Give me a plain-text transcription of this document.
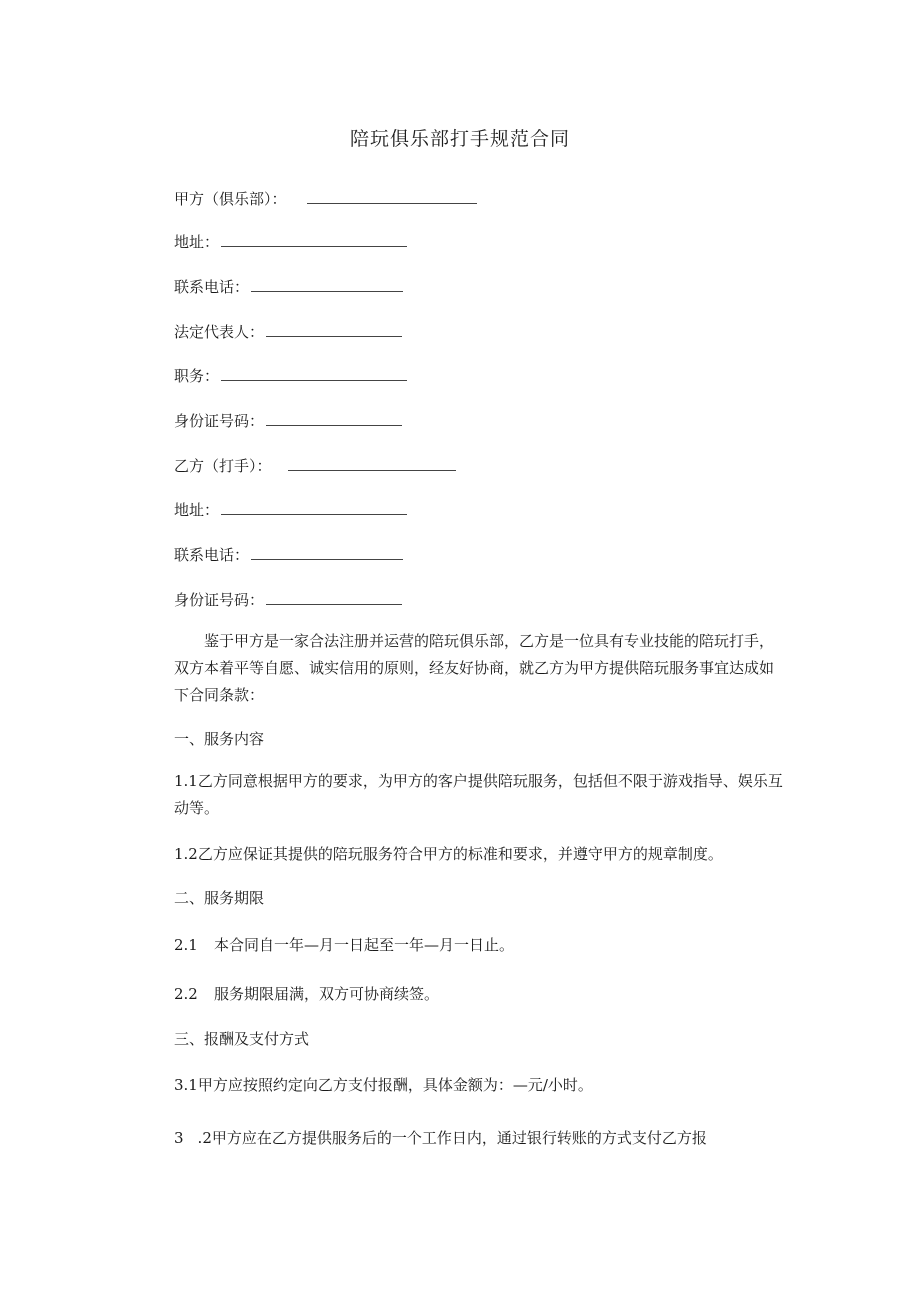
陪玩俱乐部打手规范合同
甲方（俱乐部）：
地址：
联系电话：
法定代表人：
职务：
身份证号码：
乙方（打手）：
地址：
联系电话：
身份证号码：
鉴于甲方是一家合法注册并运营的陪玩俱乐部，乙方是一位具有专业技能的陪玩打手，双方本着平等自愿、诚实信用的原则，经友好协商，就乙方为甲方提供陪玩服务事宜达成如下合同条款：
一、服务内容
1.1乙方同意根据甲方的要求，为甲方的客户提供陪玩服务，包括但不限于游戏指导、娱乐互动等。
1.2乙方应保证其提供的陪玩服务符合甲方的标准和要求，并遵守甲方的规章制度。
二、服务期限
2.1 本合同自一年—月一日起至一年—月一日止。
2.2 服务期限届满，双方可协商续签。
三、报酬及支付方式
3.1甲方应按照约定向乙方支付报酬，具体金额为：—元/小时。
3 .2甲方应在乙方提供服务后的一个工作日内，通过银行转账的方式支付乙方报
